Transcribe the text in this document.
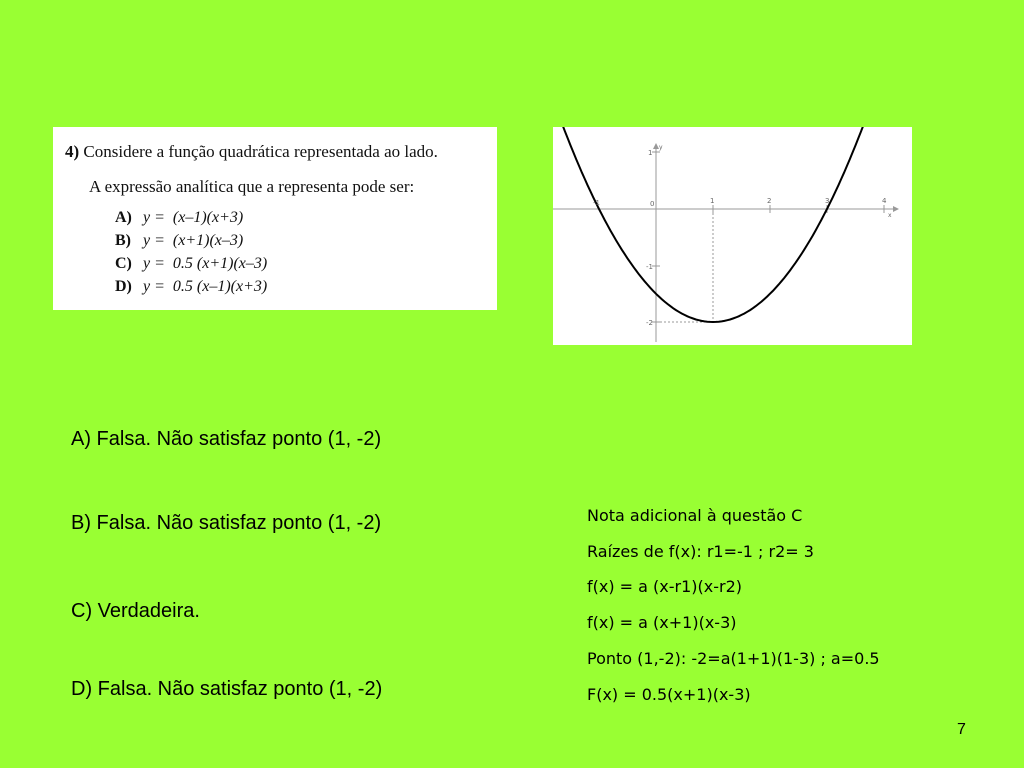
4) Considere a função quadrática representada ao lado.
A expressão analítica que a representa pode ser:
A) y = (x–1)(x+3)
B) y = (x+1)(x–3)
C) y = 0.5 (x+1)(x–3)
D) y = 0.5 (x–1)(x+3)
0	1	2	3	4
x
y
1
-1
-2
-1
A) Falsa. Não satisfaz ponto (1, -2)
B) Falsa. Não satisfaz ponto (1, -2)
C) Verdadeira.
D) Falsa. Não satisfaz ponto (1, -2)
Nota adicional à questão C
Raízes de f(x): r1=-1 ; r2= 3
f(x) = a (x-r1)(x-r2)
f(x) = a (x+1)(x-3)
Ponto (1,-2): -2=a(1+1)(1-3) ; a=0.5
F(x) = 0.5(x+1)(x-3)
7
